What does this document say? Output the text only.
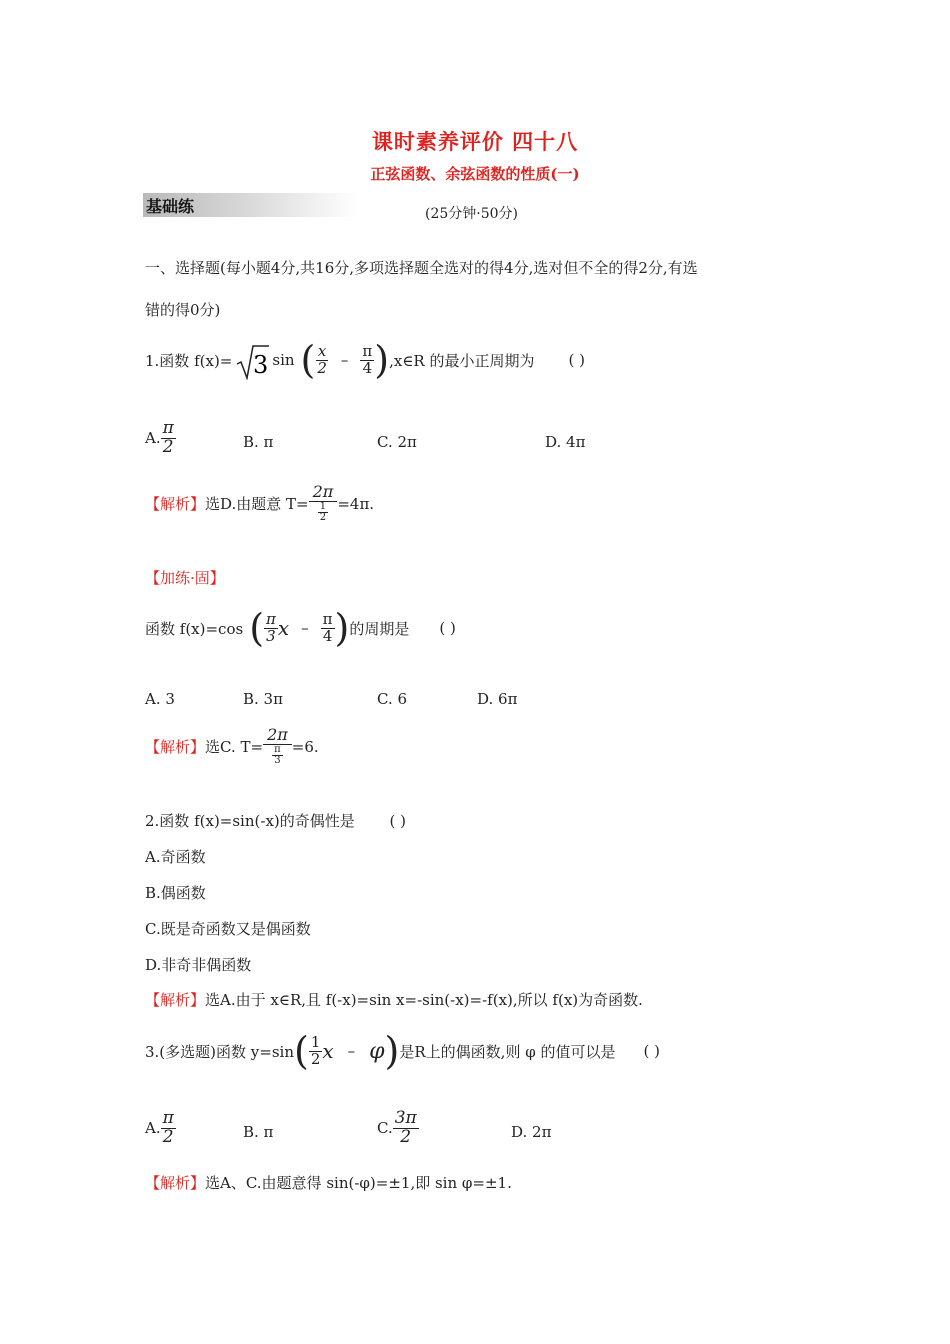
课时素养评价 四十八
正弦函数、余弦函数的性质(一)
基础练	(25分钟·50分)
一、选择题(每小题4分,共16分,多项选择题全选对的得4分,选对但不全的得2分,有选
错的得0分)
1.函数 f(x)= 3 sin ( $\frac{x}{2} - \frac{\pi}{4}$ ) ,x∈R 的最小正周期为 ( )
A. $\frac{\pi}{2}$	B. π	C. 2π	D. 4π
【解析】 选D.由题意 $T= \frac{2\pi}{\frac{1}{2}} =4\pi$.
【加练·固】
函数 f(x)=cos ( $\frac{\pi}{3}$ x – $\frac{\pi}{4}$ ) 的周期是 ( )
A. 3	B. 3π	C. 6	D. 6π
【解析】 选C. $T= \frac{2\pi}{\frac{\pi}{3}} =6$.
2.函数 f(x)=sin(-x)的奇偶性是 ( )
A.奇函数
B.偶函数
C.既是奇函数又是偶函数
D.非奇非偶函数
【解析】选A.由于 x∈R,且 f(-x)=sin x=-sin(-x)=-f(x),所以 f(x)为奇函数.
3.(多选题)函数 y=sin ( $\frac{1}{2}$ x – φ ) 是R上的偶函数,则 φ 的值可以是 ( )
A. $\frac{\pi}{2}$	B. π	C. $\frac{3\pi}{2}$	D. 2π
【解析】选A、C.由题意得 sin(-φ)=±1,即 sin φ=±1.
